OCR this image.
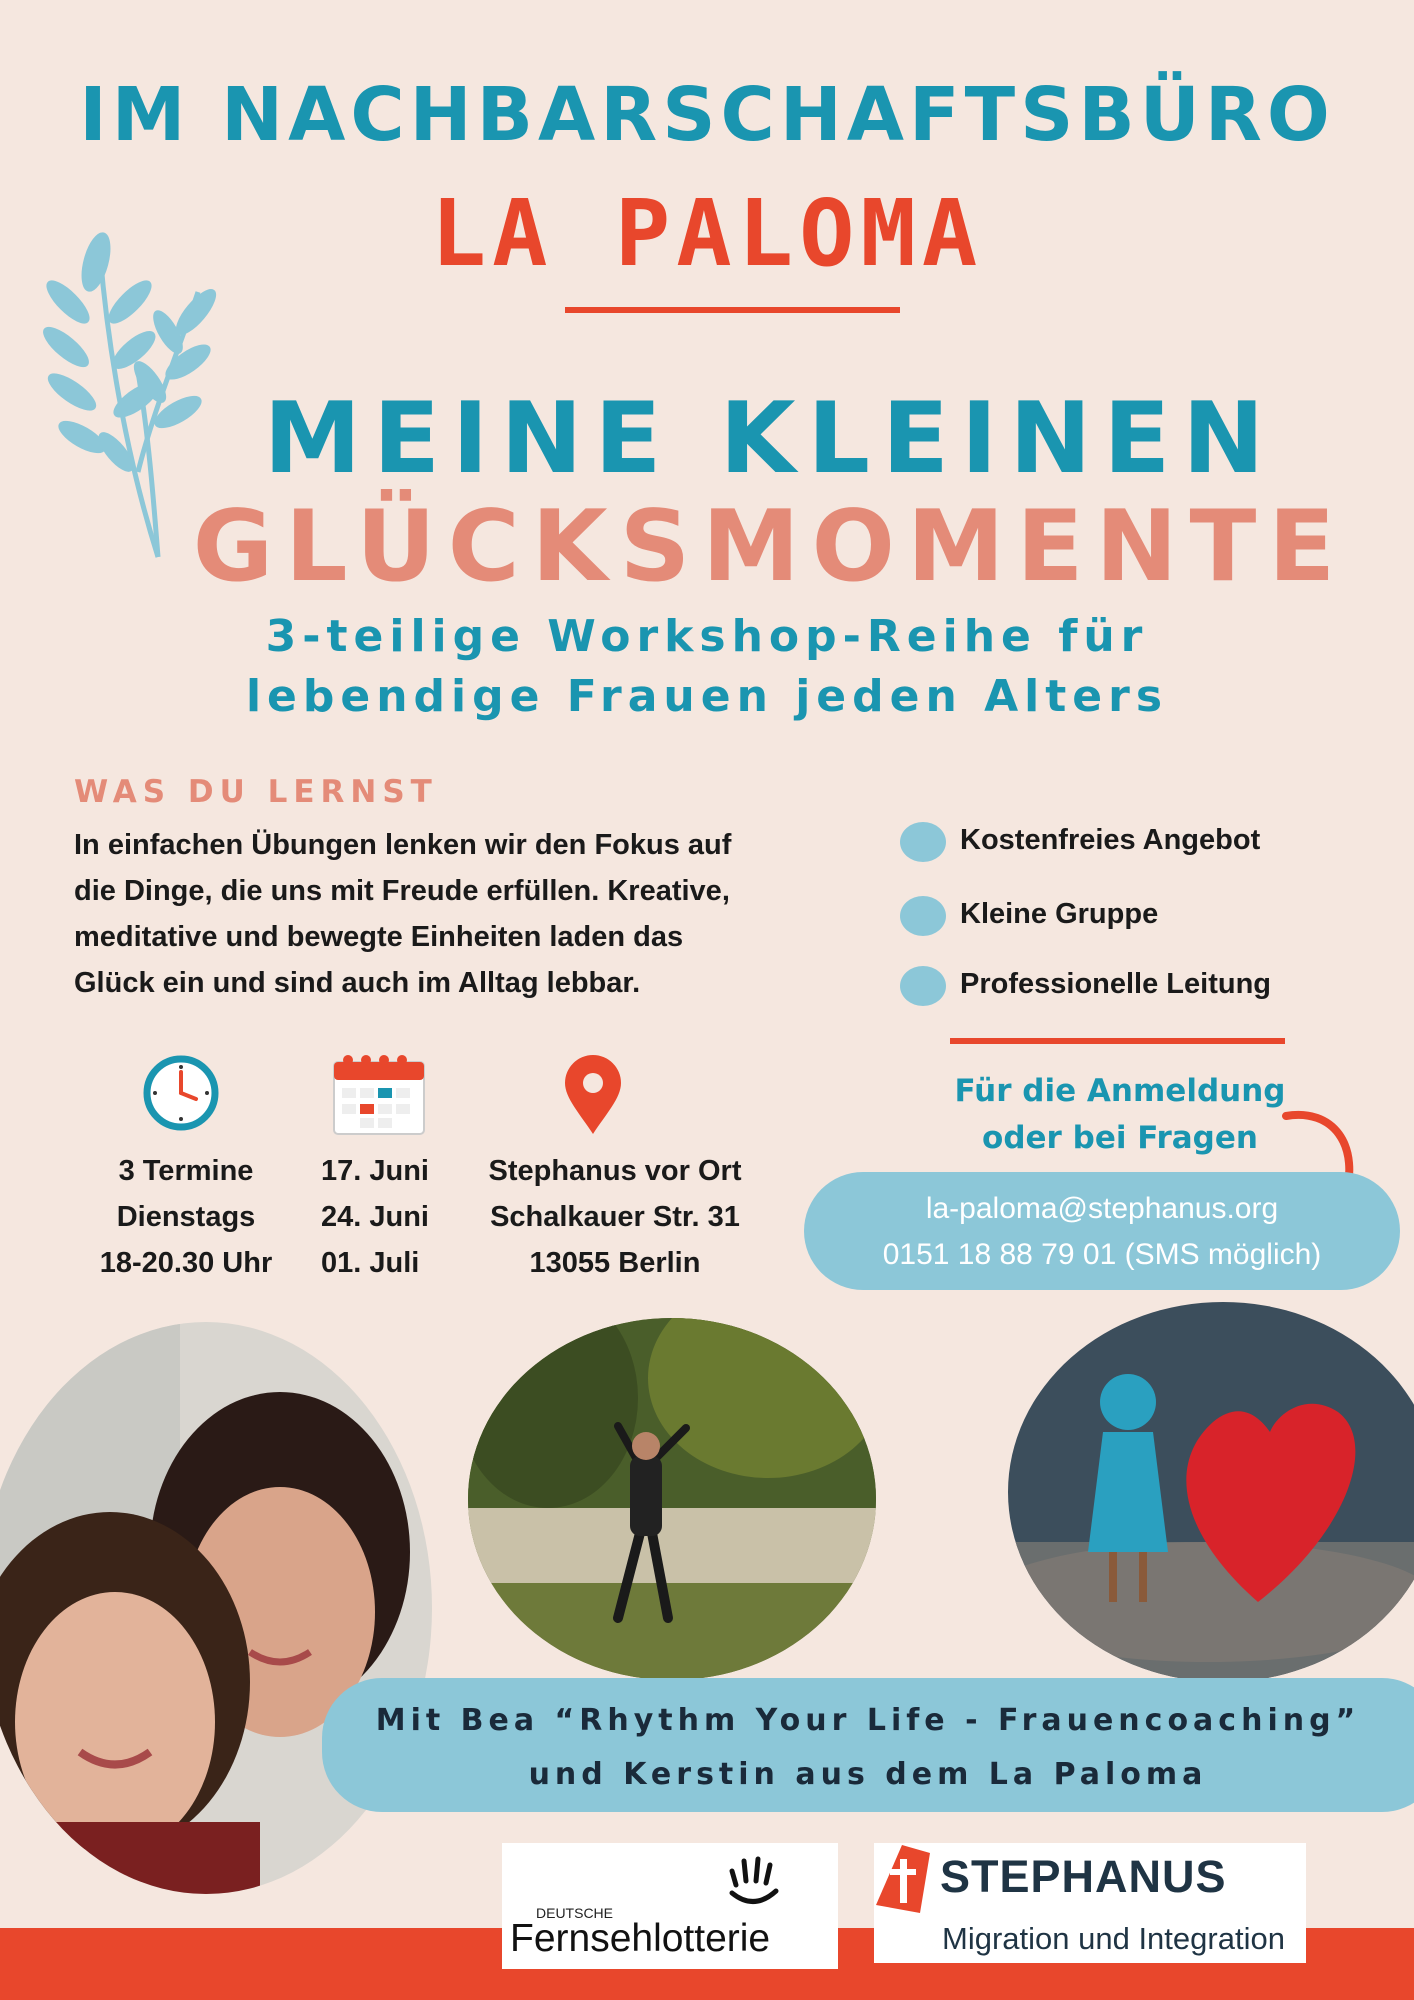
IM NACHBARSCHAFTSBÜRO
LA PALOMA
MEINE KLEINEN
GLÜCKSMOMENTE
3-teilige Workshop-Reihe für
lebendige Frauen jeden Alters
WAS DU LERNST
In einfachen Übungen lenken wir den Fokus auf
die Dinge, die uns mit Freude erfüllen. Kreative,
meditative und bewegte Einheiten laden das
Glück ein und sind auch im Alltag lebbar.
Kostenfreies Angebot
Kleine Gruppe
Professionelle Leitung
3 Termine
Dienstags
18-20.30 Uhr
17. Juni
24. Juni
01. Juli
Stephanus vor Ort
Schalkauer Str. 31
13055 Berlin
Für die Anmeldung
oder bei Fragen
la-paloma@stephanus.org
0151 18 88 79 01 (SMS möglich)
Mit Bea “Rhythm Your Life - Frauencoaching”
und Kerstin aus dem La Paloma
DEUTSCHE
Fernsehlotterie
STEPHANUS
Migration und Integration
